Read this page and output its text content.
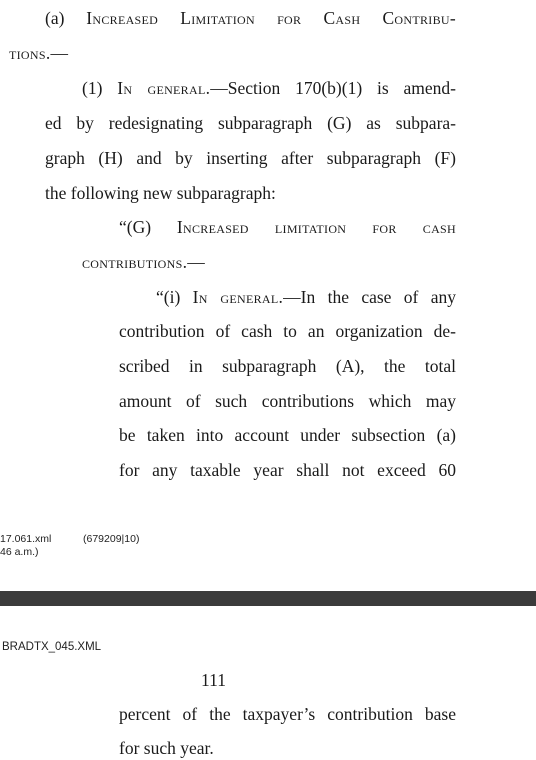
(a) Increased Limitation for Cash Contribu-
tions.—
(1) In general.—Section 170(b)(1) is amend-
ed by redesignating subparagraph (G) as subpara-
graph (H) and by inserting after subparagraph (F)
the following new subparagraph:
“(G) Increased limitation for cash
contributions.—
“(i) In general.—In the case of any
contribution of cash to an organization de-
scribed in subparagraph (A), the total
amount of such contributions which may
be taken into account under subsection (a)
for any taxable year shall not exceed 60
17.061.xml
46 a.m.)
(679209|10)
BRADTX_045.XML
111
percent of the taxpayer’s contribution base
for such year.
